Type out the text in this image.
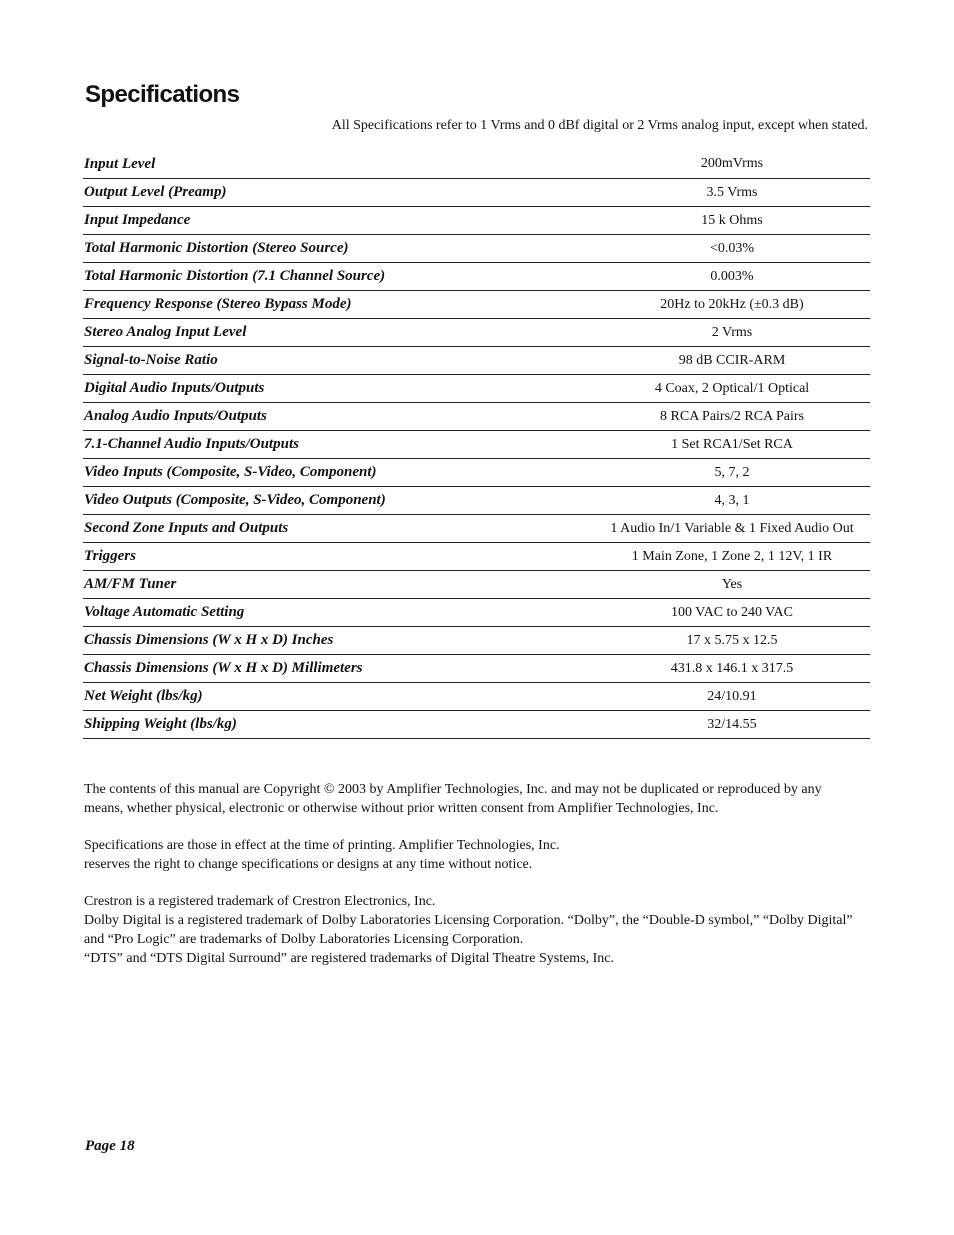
Specifications
All Specifications refer to 1 Vrms and 0 dBf digital or 2 Vrms analog input, except when stated.
Input Level	200mVrms
Output Level (Preamp)	3.5 Vrms
Input Impedance	15 k Ohms
Total Harmonic Distortion (Stereo Source)	<0.03%
Total Harmonic Distortion (7.1 Channel Source)	0.003%
Frequency Response (Stereo Bypass Mode)	20Hz to 20kHz (±0.3 dB)
Stereo Analog Input Level	2 Vrms
Signal-to-Noise Ratio	98 dB CCIR-ARM
Digital Audio Inputs/Outputs	4 Coax, 2 Optical/1 Optical
Analog Audio Inputs/Outputs	8 RCA Pairs/2 RCA Pairs
7.1-Channel Audio Inputs/Outputs	1 Set RCA1/Set RCA
Video Inputs (Composite, S-Video, Component)	5, 7, 2
Video Outputs (Composite, S-Video, Component)	4, 3, 1
Second Zone Inputs and Outputs	1 Audio In/1 Variable & 1 Fixed Audio Out
Triggers	1 Main Zone, 1 Zone 2, 1 12V, 1 IR
AM/FM Tuner	Yes
Voltage Automatic Setting	100 VAC to 240 VAC
Chassis Dimensions (W x H x D) Inches	17 x 5.75 x 12.5
Chassis Dimensions (W x H x D) Millimeters	431.8 x 146.1 x 317.5
Net Weight (lbs/kg)	24/10.91
Shipping Weight (lbs/kg)	32/14.55

The contents of this manual are Copyright © 2003 by Amplifier Technologies, Inc. and may not be duplicated or reproduced by any
means, whether physical, electronic or otherwise without prior written consent from Amplifier Technologies, Inc.

Specifications are those in effect at the time of printing. Amplifier Technologies, Inc.
reserves the right to change specifications or designs at any time without notice.

Crestron is a registered trademark of Crestron Electronics, Inc.
Dolby Digital is a registered trademark of Dolby Laboratories Licensing Corporation. “Dolby”, the “Double-D symbol,” “Dolby Digital”
and “Pro Logic” are trademarks of Dolby Laboratories Licensing Corporation.
“DTS” and “DTS Digital Surround” are registered trademarks of Digital Theatre Systems, Inc.

Page 18
